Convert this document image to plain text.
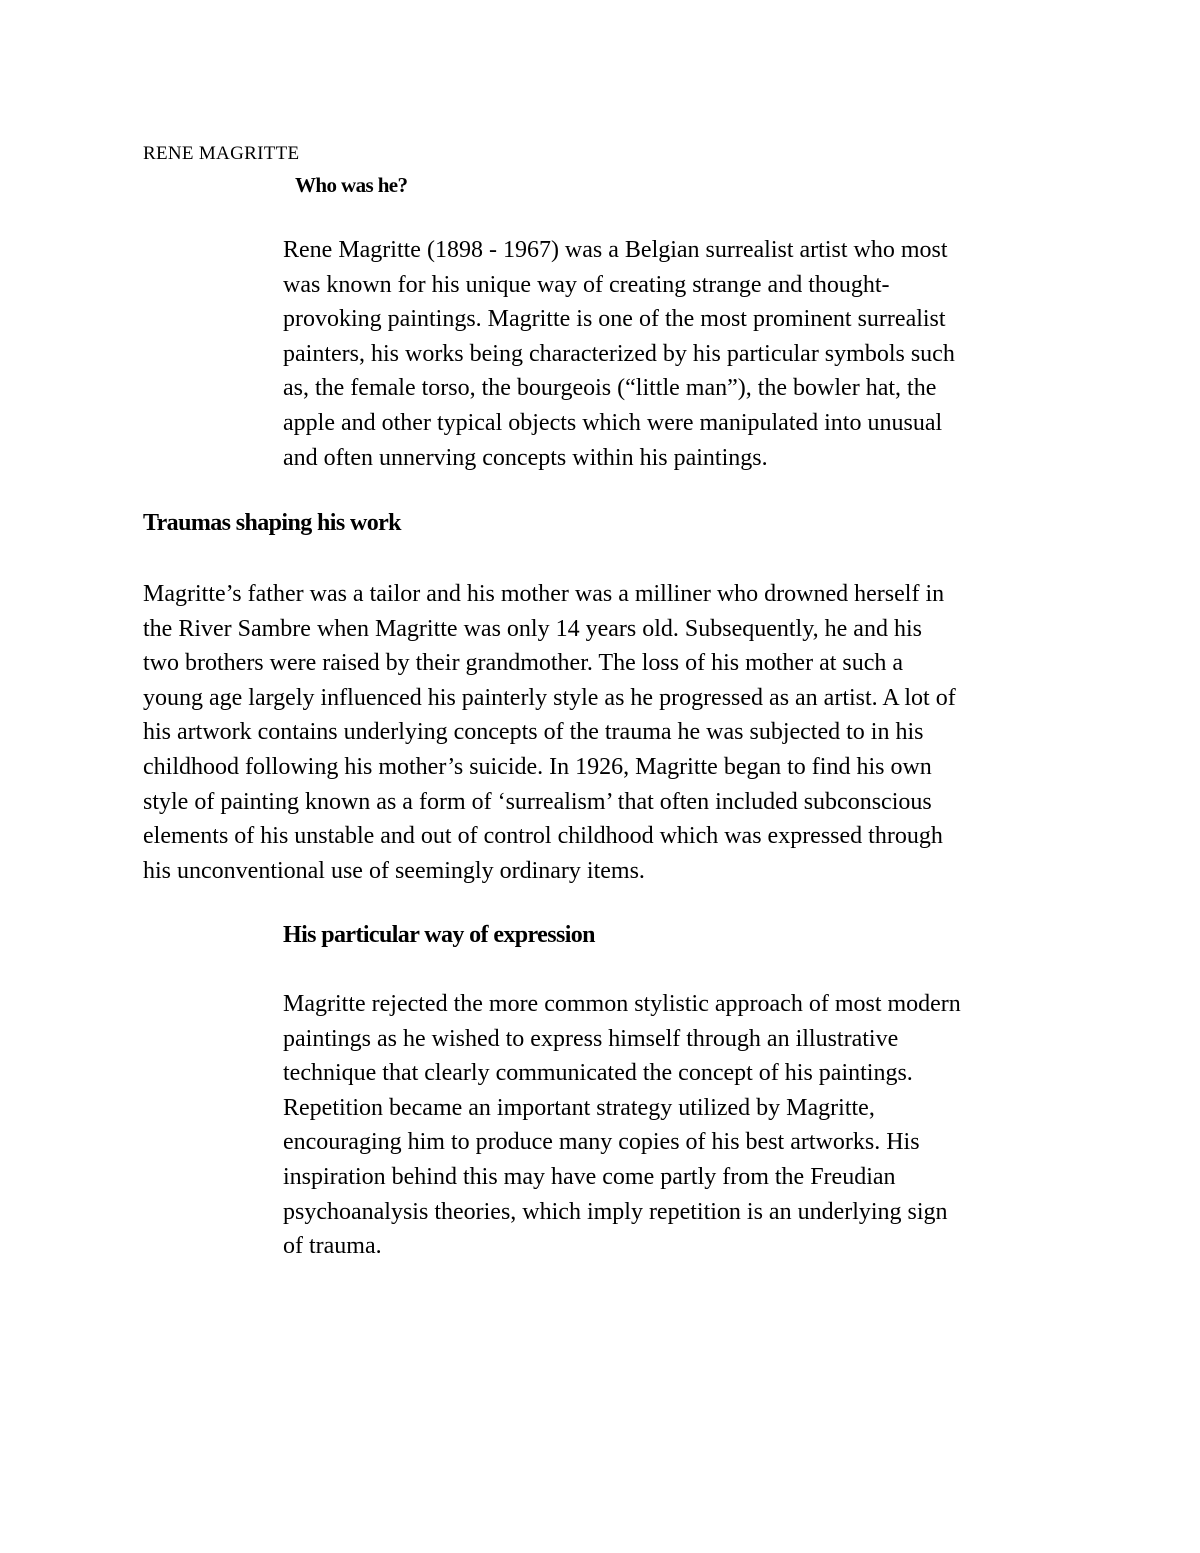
RENE MAGRITTE
Who was he?

Rene Magritte (1898 - 1967) was a Belgian surrealist artist who most
was known for his unique way of creating strange and thought-
provoking paintings. Magritte is one of the most prominent surrealist
painters, his works being characterized by his particular symbols such
as, the female torso, the bourgeois (“little man”), the bowler hat, the
apple and other typical objects which were manipulated into unusual
and often unnerving concepts within his paintings.

Traumas shaping his work

Magritte’s father was a tailor and his mother was a milliner who drowned herself in
the River Sambre when Magritte was only 14 years old. Subsequently, he and his
two brothers were raised by their grandmother. The loss of his mother at such a
young age largely influenced his painterly style as he progressed as an artist. A lot of
his artwork contains underlying concepts of the trauma he was subjected to in his
childhood following his mother’s suicide. In 1926, Magritte began to find his own
style of painting known as a form of ‘surrealism’ that often included subconscious
elements of his unstable and out of control childhood which was expressed through
his unconventional use of seemingly ordinary items.

His particular way of expression

Magritte rejected the more common stylistic approach of most modern
paintings as he wished to express himself through an illustrative
technique that clearly communicated the concept of his paintings.
Repetition became an important strategy utilized by Magritte,
encouraging him to produce many copies of his best artworks. His
inspiration behind this may have come partly from the Freudian
psychoanalysis theories, which imply repetition is an underlying sign
of trauma.
